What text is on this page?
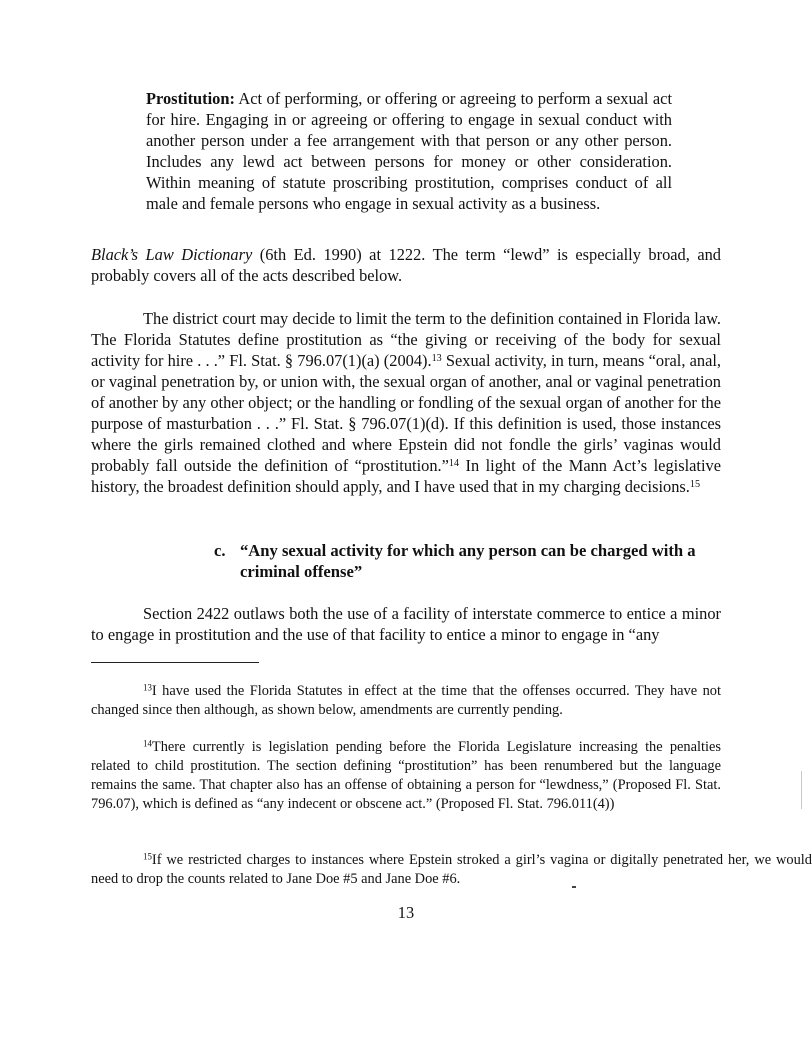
Prostitution: Act of performing, or offering or agreeing to perform a sexual act for hire. Engaging in or agreeing or offering to engage in sexual conduct with another person under a fee arrangement with that person or any other person. Includes any lewd act between persons for money or other consideration. Within meaning of statute proscribing prostitution, comprises conduct of all male and female persons who engage in sexual activity as a business.
Black’s Law Dictionary (6th Ed. 1990) at 1222. The term “lewd” is especially broad, and probably covers all of the acts described below.
The district court may decide to limit the term to the definition contained in Florida law. The Florida Statutes define prostitution as “the giving or receiving of the body for sexual activity for hire . . .” Fl. Stat. § 796.07(1)(a) (2004).$^{13}$ Sexual activity, in turn, means “oral, anal, or vaginal penetration by, or union with, the sexual organ of another, anal or vaginal penetration of another by any other object; or the handling or fondling of the sexual organ of another for the purpose of masturbation . . .” Fl. Stat. § 796.07(1)(d). If this definition is used, those instances where the girls remained clothed and where Epstein did not fondle the girls’ vaginas would probably fall outside the definition of “prostitution.”$^{14}$ In light of the Mann Act’s legislative history, the broadest definition should apply, and I have used that in my charging decisions.$^{15}$
c. “Any sexual activity for which any person can be charged with a criminal offense”
Section 2422 outlaws both the use of a facility of interstate commerce to entice a minor to engage in prostitution and the use of that facility to entice a minor to engage in “any
$^{13}$I have used the Florida Statutes in effect at the time that the offenses occurred. They have not changed since then although, as shown below, amendments are currently pending.
$^{14}$There currently is legislation pending before the Florida Legislature increasing the penalties related to child prostitution. The section defining “prostitution” has been renumbered but the language remains the same. That chapter also has an offense of obtaining a person for “lewdness,” (Proposed Fl. Stat. 796.07), which is defined as “any indecent or obscene act.” (Proposed Fl. Stat. 796.011(4))
$^{15}$If we restricted charges to instances where Epstein stroked a girl’s vagina or digitally penetrated her, we would need to drop the counts related to Jane Doe #5 and Jane Doe #6.
13
